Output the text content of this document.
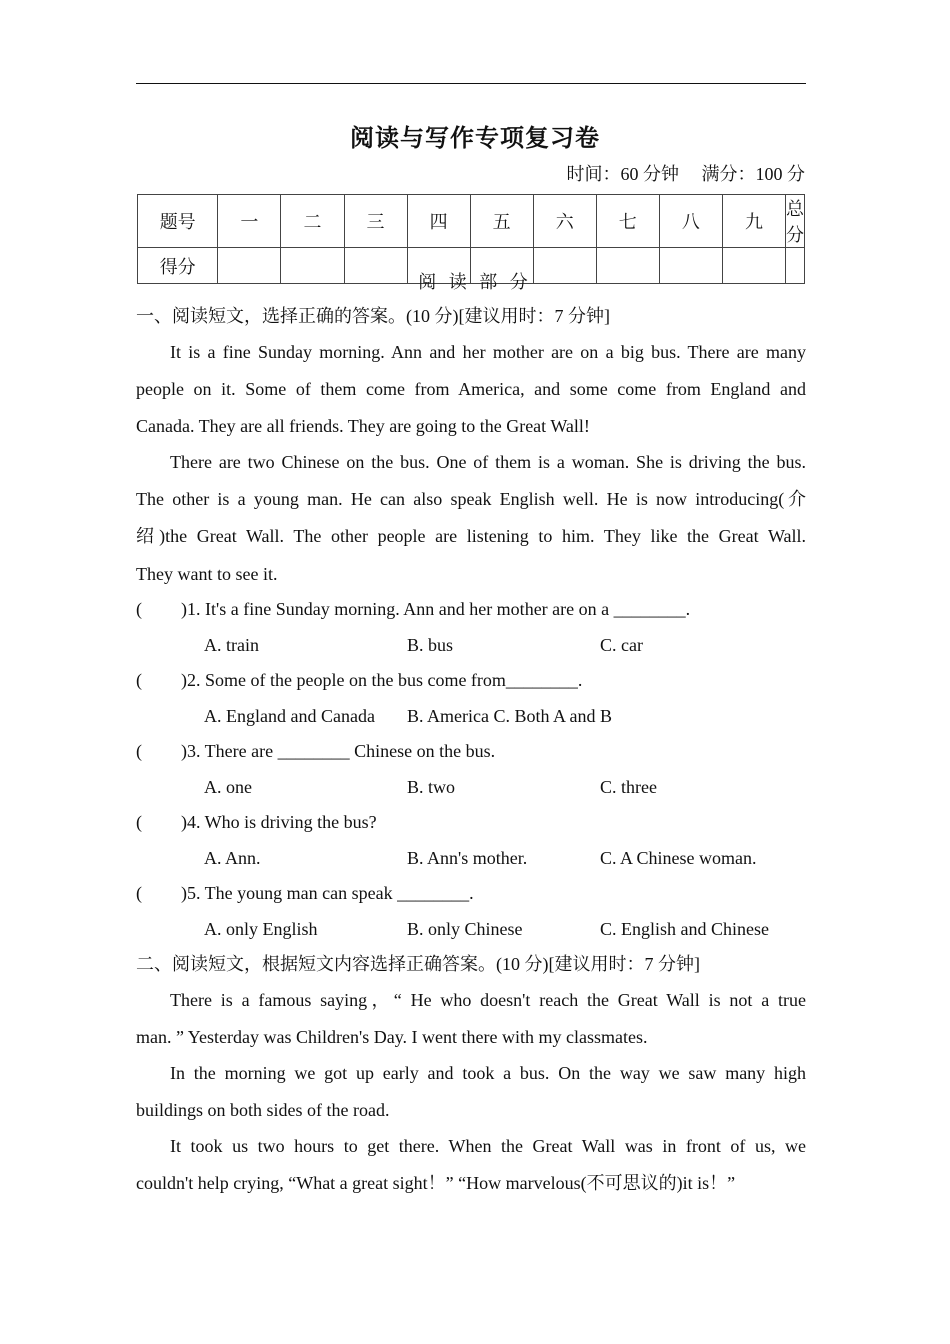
阅读与写作专项复习卷
时间：60 分钟 满分：100 分
题号	一	二	三	四	五	六	七	八	九	总分
得分										
阅 读 部 分
一、阅读短文，选择正确的答案。(10 分)[建议用时：7 分钟]
It is a fine Sunday morning. Ann and her mother are on a big bus. There are many
people on it. Some of them come from America, and some come from England and
Canada. They are all friends. They are going to the Great Wall!
There are two Chinese on the bus. One of them is a woman. She is driving the bus.
The other is a young man. He can also speak English well. He is now introducing(介
绍)the Great Wall. The other people are listening to him. They like the Great Wall.
They want to see it.
( )1. It's a fine Sunday morning. Ann and her mother are on a ________.
A. train	B. bus	C. car
( )2. Some of the people on the bus come from________.
A. England and Canada B. America C. Both A and B
( )3. There are ________ Chinese on the bus.
A. one	B. two	C. three
( )4. Who is driving the bus?
A. Ann.	B. Ann's mother.	C. A Chinese woman.
( )5. The young man can speak ________.
A. only English	B. only Chinese	C. English and Chinese
二、阅读短文，根据短文内容选择正确答案。(10 分)[建议用时：7 分钟]
There is a famous saying，“ He who doesn't reach the Great Wall is not a true
man. ” Yesterday was Children's Day. I went there with my classmates.
In the morning we got up early and took a bus. On the way we saw many high
buildings on both sides of the road.
It took us two hours to get there. When the Great Wall was in front of us, we
couldn't help crying, “What a great sight！” “How marvelous(不可思议的)it is！”
